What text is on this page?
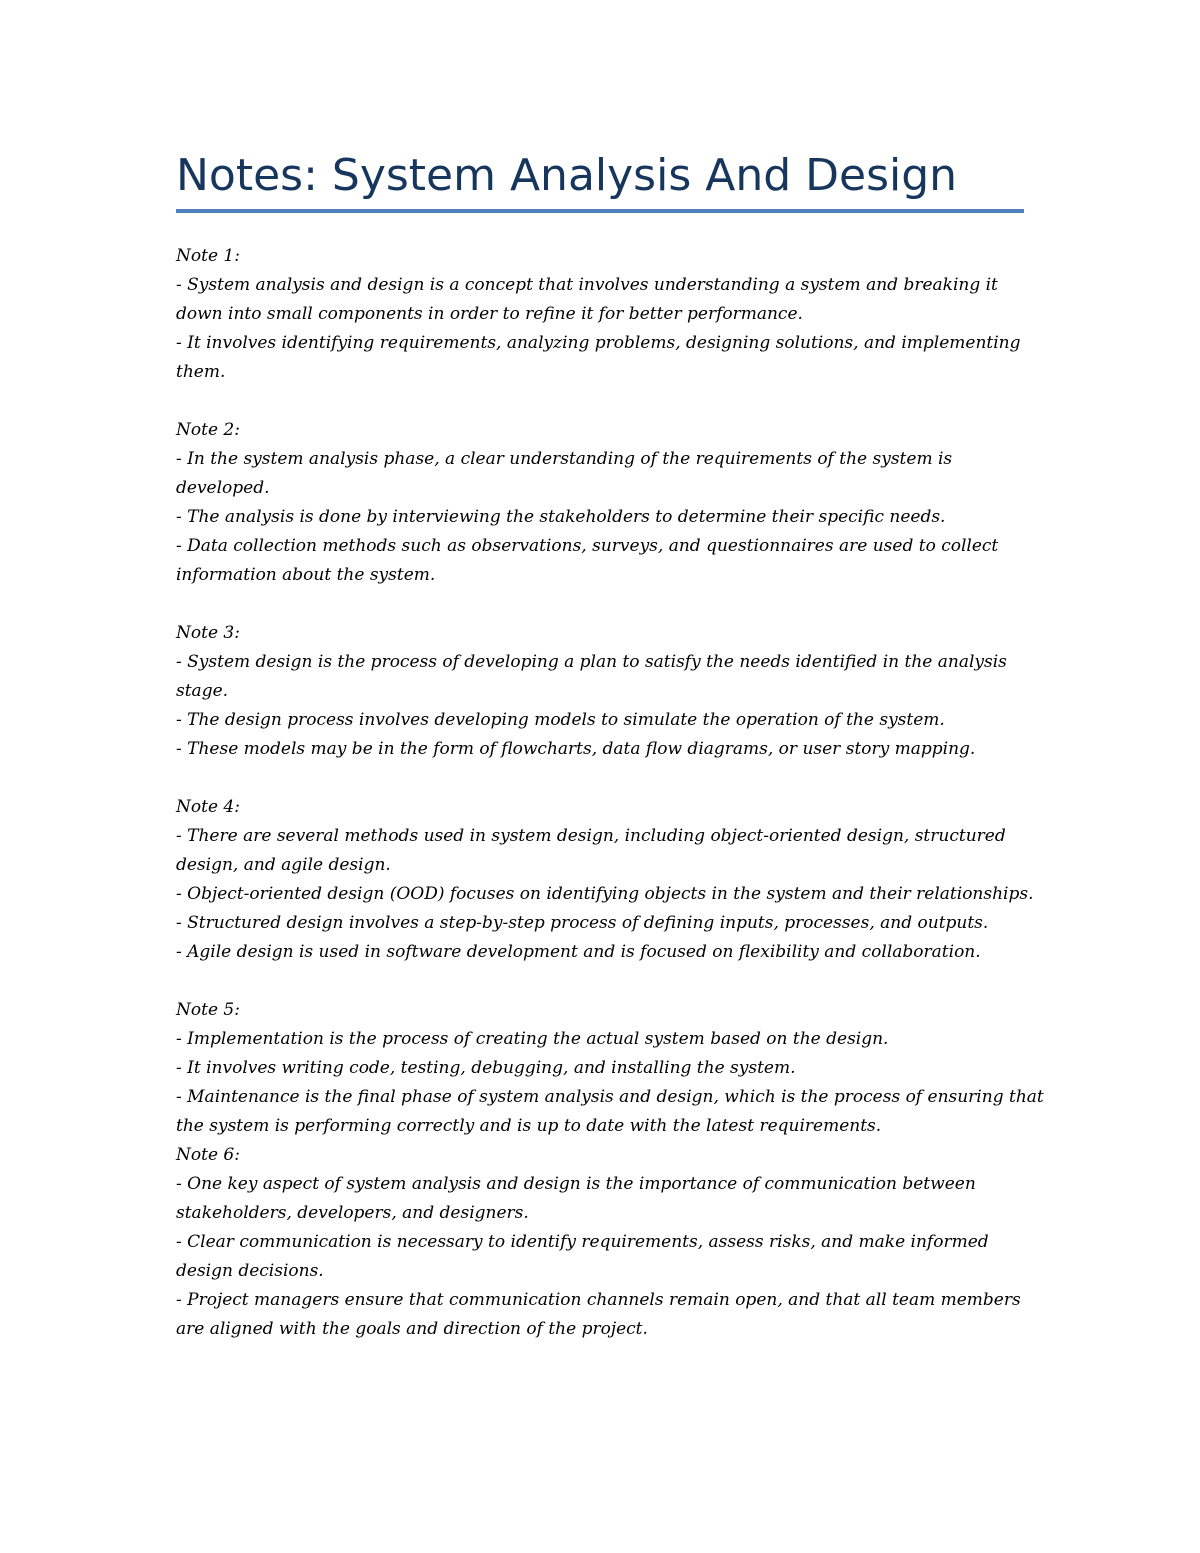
Notes: System Analysis And Design
Note 1:
- System analysis and design is a concept that involves understanding a system and breaking it down into small components in order to refine it for better performance.
- It involves identifying requirements, analyzing problems, designing solutions, and implementing them.
Note 2:
- In the system analysis phase, a clear understanding of the requirements of the system is developed.
- The analysis is done by interviewing the stakeholders to determine their specific needs.
- Data collection methods such as observations, surveys, and questionnaires are used to collect information about the system.
Note 3:
- System design is the process of developing a plan to satisfy the needs identified in the analysis stage.
- The design process involves developing models to simulate the operation of the system.
- These models may be in the form of flowcharts, data flow diagrams, or user story mapping.
Note 4:
- There are several methods used in system design, including object-oriented design, structured design, and agile design.
- Object-oriented design (OOD) focuses on identifying objects in the system and their relationships.
- Structured design involves a step-by-step process of defining inputs, processes, and outputs.
- Agile design is used in software development and is focused on flexibility and collaboration.
Note 5:
- Implementation is the process of creating the actual system based on the design.
- It involves writing code, testing, debugging, and installing the system.
- Maintenance is the final phase of system analysis and design, which is the process of ensuring that the system is performing correctly and is up to date with the latest requirements.
Note 6:
- One key aspect of system analysis and design is the importance of communication between stakeholders, developers, and designers.
- Clear communication is necessary to identify requirements, assess risks, and make informed design decisions.
- Project managers ensure that communication channels remain open, and that all team members are aligned with the goals and direction of the project.
